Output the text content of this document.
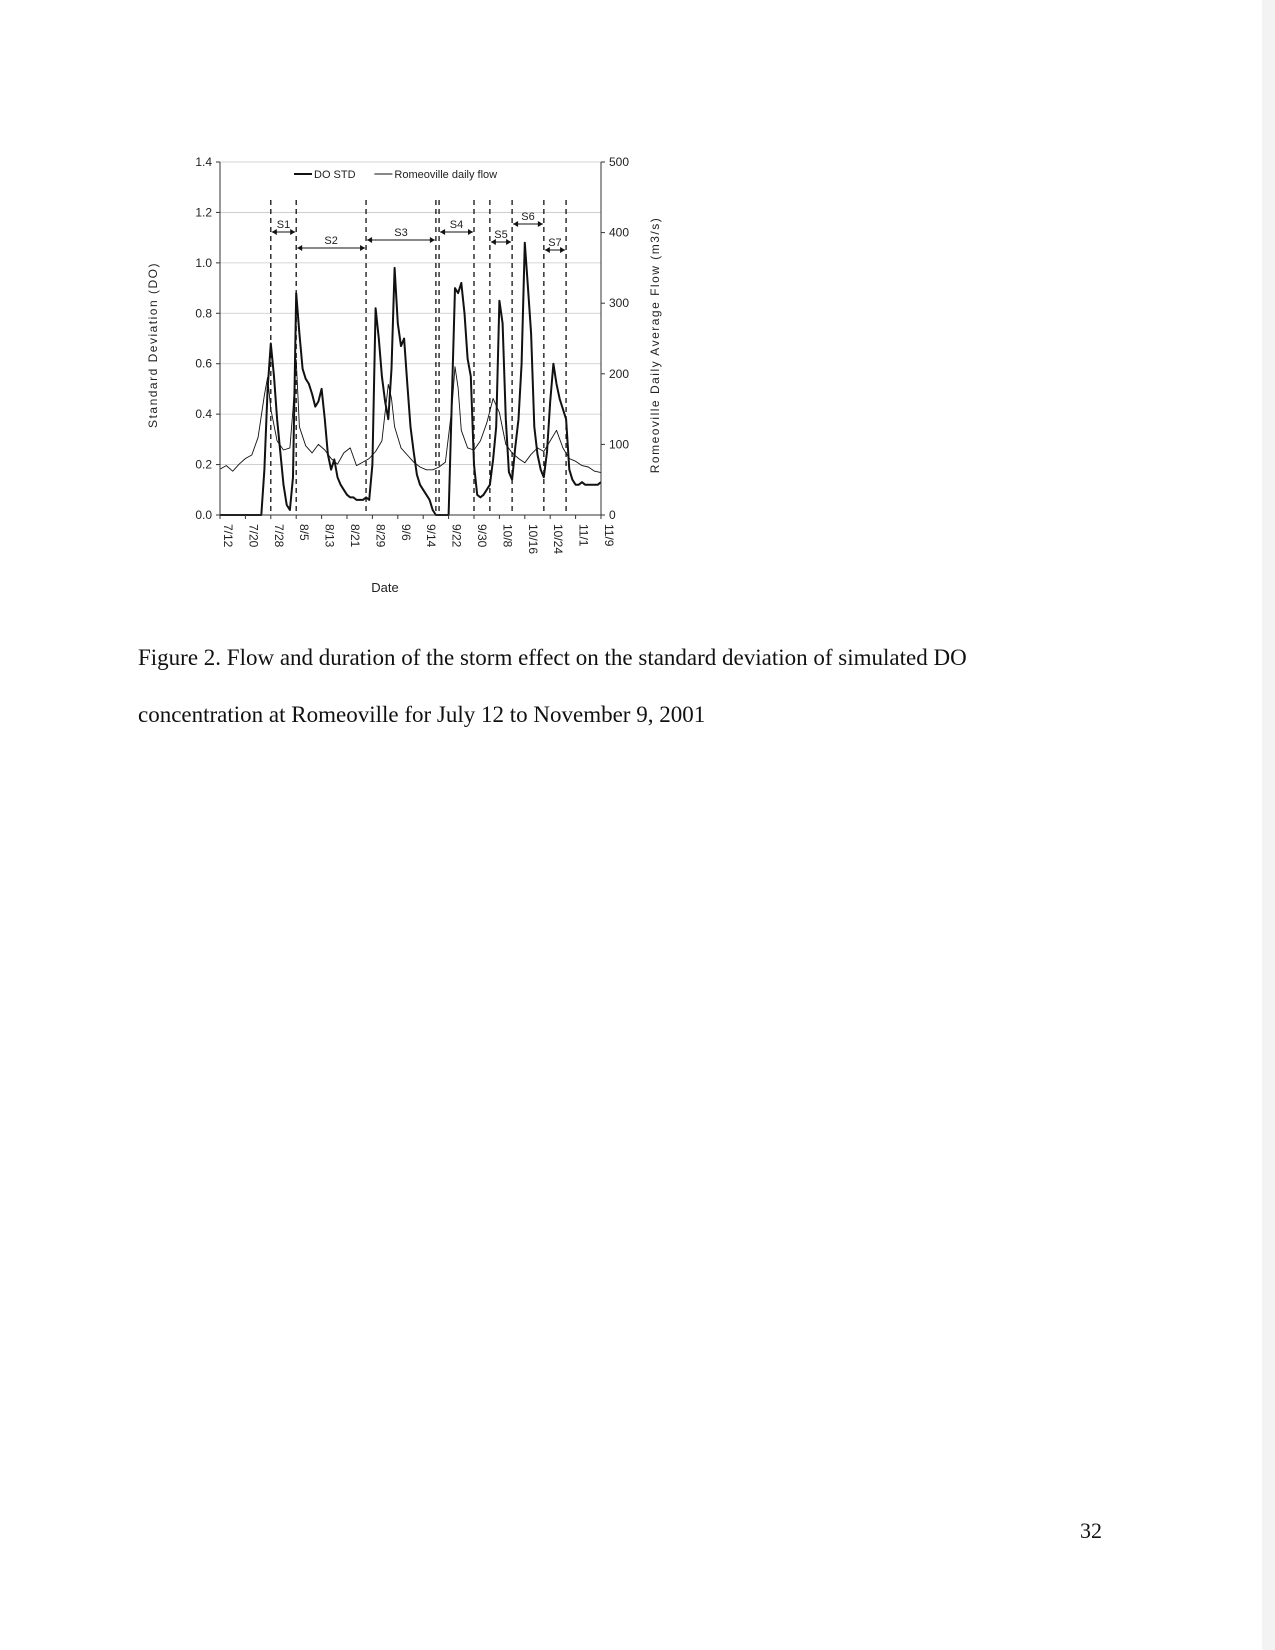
S1
S2
S3
S4
S5
S6
S7
0.0
0.2
0.4
0.6
0.8
1.0
1.2
1.4
0
100
200
300
400
500
7/12 7/20 7/28 8/5 8/13 8/21 8/29 9/6 9/14 9/22 9/30 10/8 10/16 10/24 11/1 11/9
DO STD	Romeoville daily flow
Date
Standard Deviation (DO)	Romeoville Daily Average Flow (m3/s)
Figure 2. Flow and duration of the storm effect on the standard deviation of simulated DO
concentration at Romeoville for July 12 to November 9, 2001
32
